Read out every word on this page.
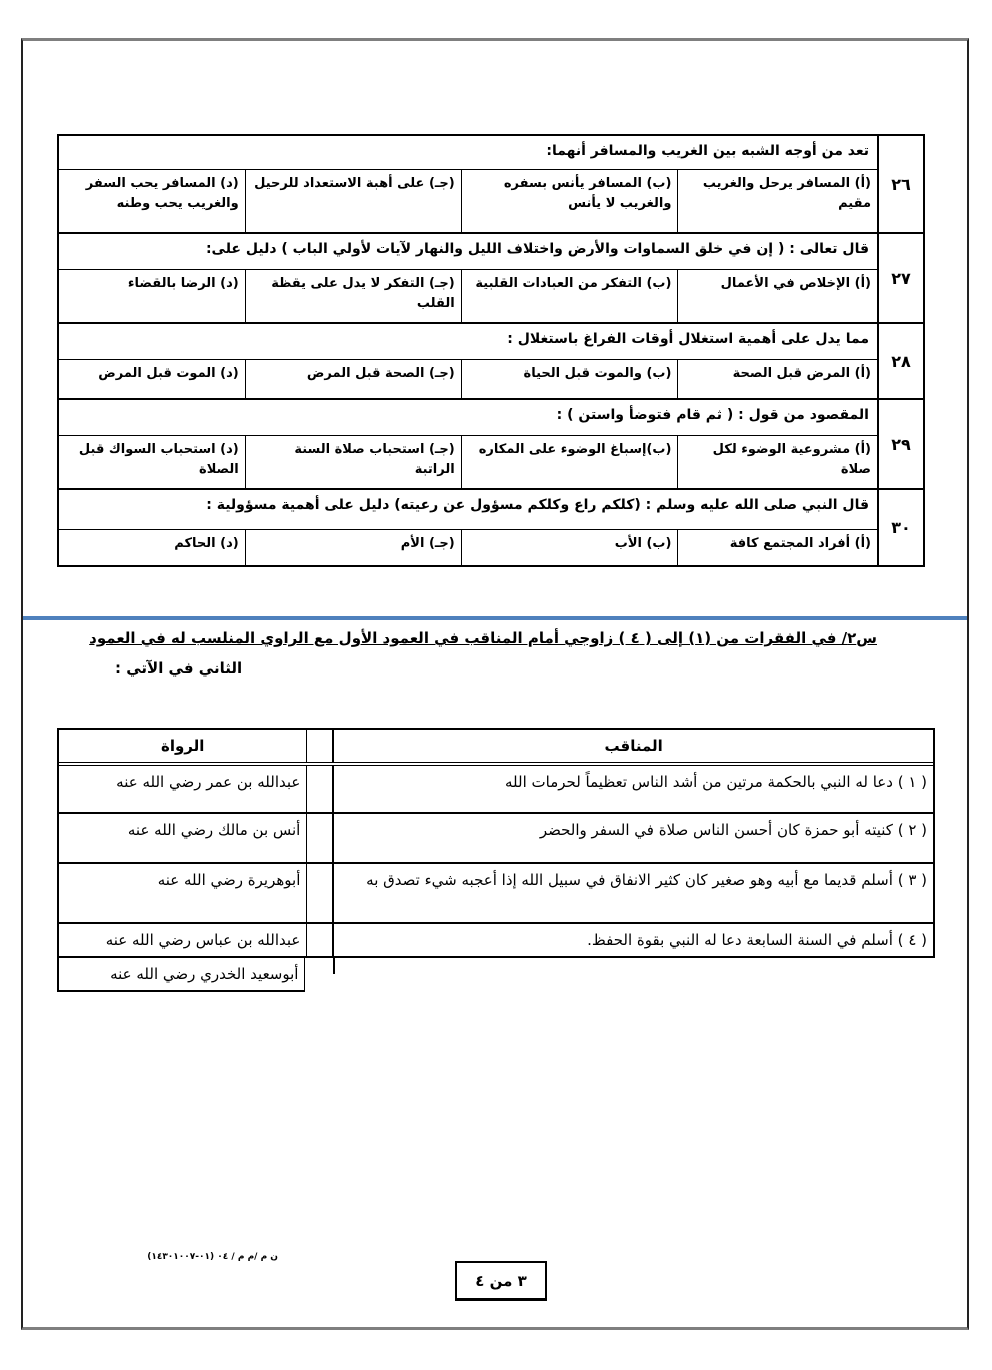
٢٦
تعد من أوجه الشبه بين الغريب والمسافر أنهما:
(أ) المسافر يرحل والغريب مقيم
(ب) المسافر يأنس بسفره والغريب لا يأنس
(جـ) على أهبة الاستعداد للرحيل
(د) المسافر يحب السفر والغريب يحب وطنه
٢٧
قال تعالى : ( إن في خلق السماوات والأرض واختلاف الليل والنهار لآيات لأولي الباب ) دليل على:
(أ) الإخلاص في الأعمال
(ب) التفكر من العبادات القلبية
(جـ) التفكر لا يدل على يقظة القلب
(د) الرضا بالقضاء
٢٨
مما يدل على أهمية استغلال أوقات الفراغ باستغلال :
(أ) المرض قبل الصحة
(ب) والموت قبل الحياة
(جـ) الصحة قبل المرض
(د) الموت قبل المرض
٢٩
المقصود من قول : ( ثم قام فتوضأ واستن ) :
(أ) مشروعية الوضوء لكل صلاة
(ب)إسباغ الوضوء على المكاره
(جـ) استحباب صلاة السنة الراتبة
(د) استحباب السواك قبل الصلاة
٣٠
قال النبي صلى الله عليه وسلم : (كلكم راع وكلكم مسؤول عن رعيته) دليل على أهمية مسؤولية :
(أ) أفراد المجتمع كافة
(ب) الأب
(جـ) الأم
(د) الحاكم
س٢/ في الفقرات من (١) إلى ( ٤ ) زاوجي أمام المناقب في العمود الأول مع الراوي المنلسب له في العمود
الثاني في الآتي :
المناقب
الرواة
( ١ ) دعا له النبي بالحكمة مرتين من أشد الناس تعظيماً لحرمات الله
عبدالله بن عمر رضي الله عنه
( ٢ ) كنيته أبو حمزة كان أحسن الناس صلاة في السفر والحضر
أنس بن مالك رضي الله عنه
( ٣ ) أسلم قديما مع أبيه وهو صغير كان كثير الانفاق في سبيل الله إذا أعجبه شيء تصدق به
أبوهريرة رضي الله عنه
( ٤ ) أسلم في السنة السابعة دعا له النبي بقوة الحفظ.
عبدالله بن عباس رضي الله عنه
أبوسعيد الخدري رضي الله عنه
ن م /م م / ٠٤ (٠١-١٤٣٠١٠٠٧)
٣ من ٤
